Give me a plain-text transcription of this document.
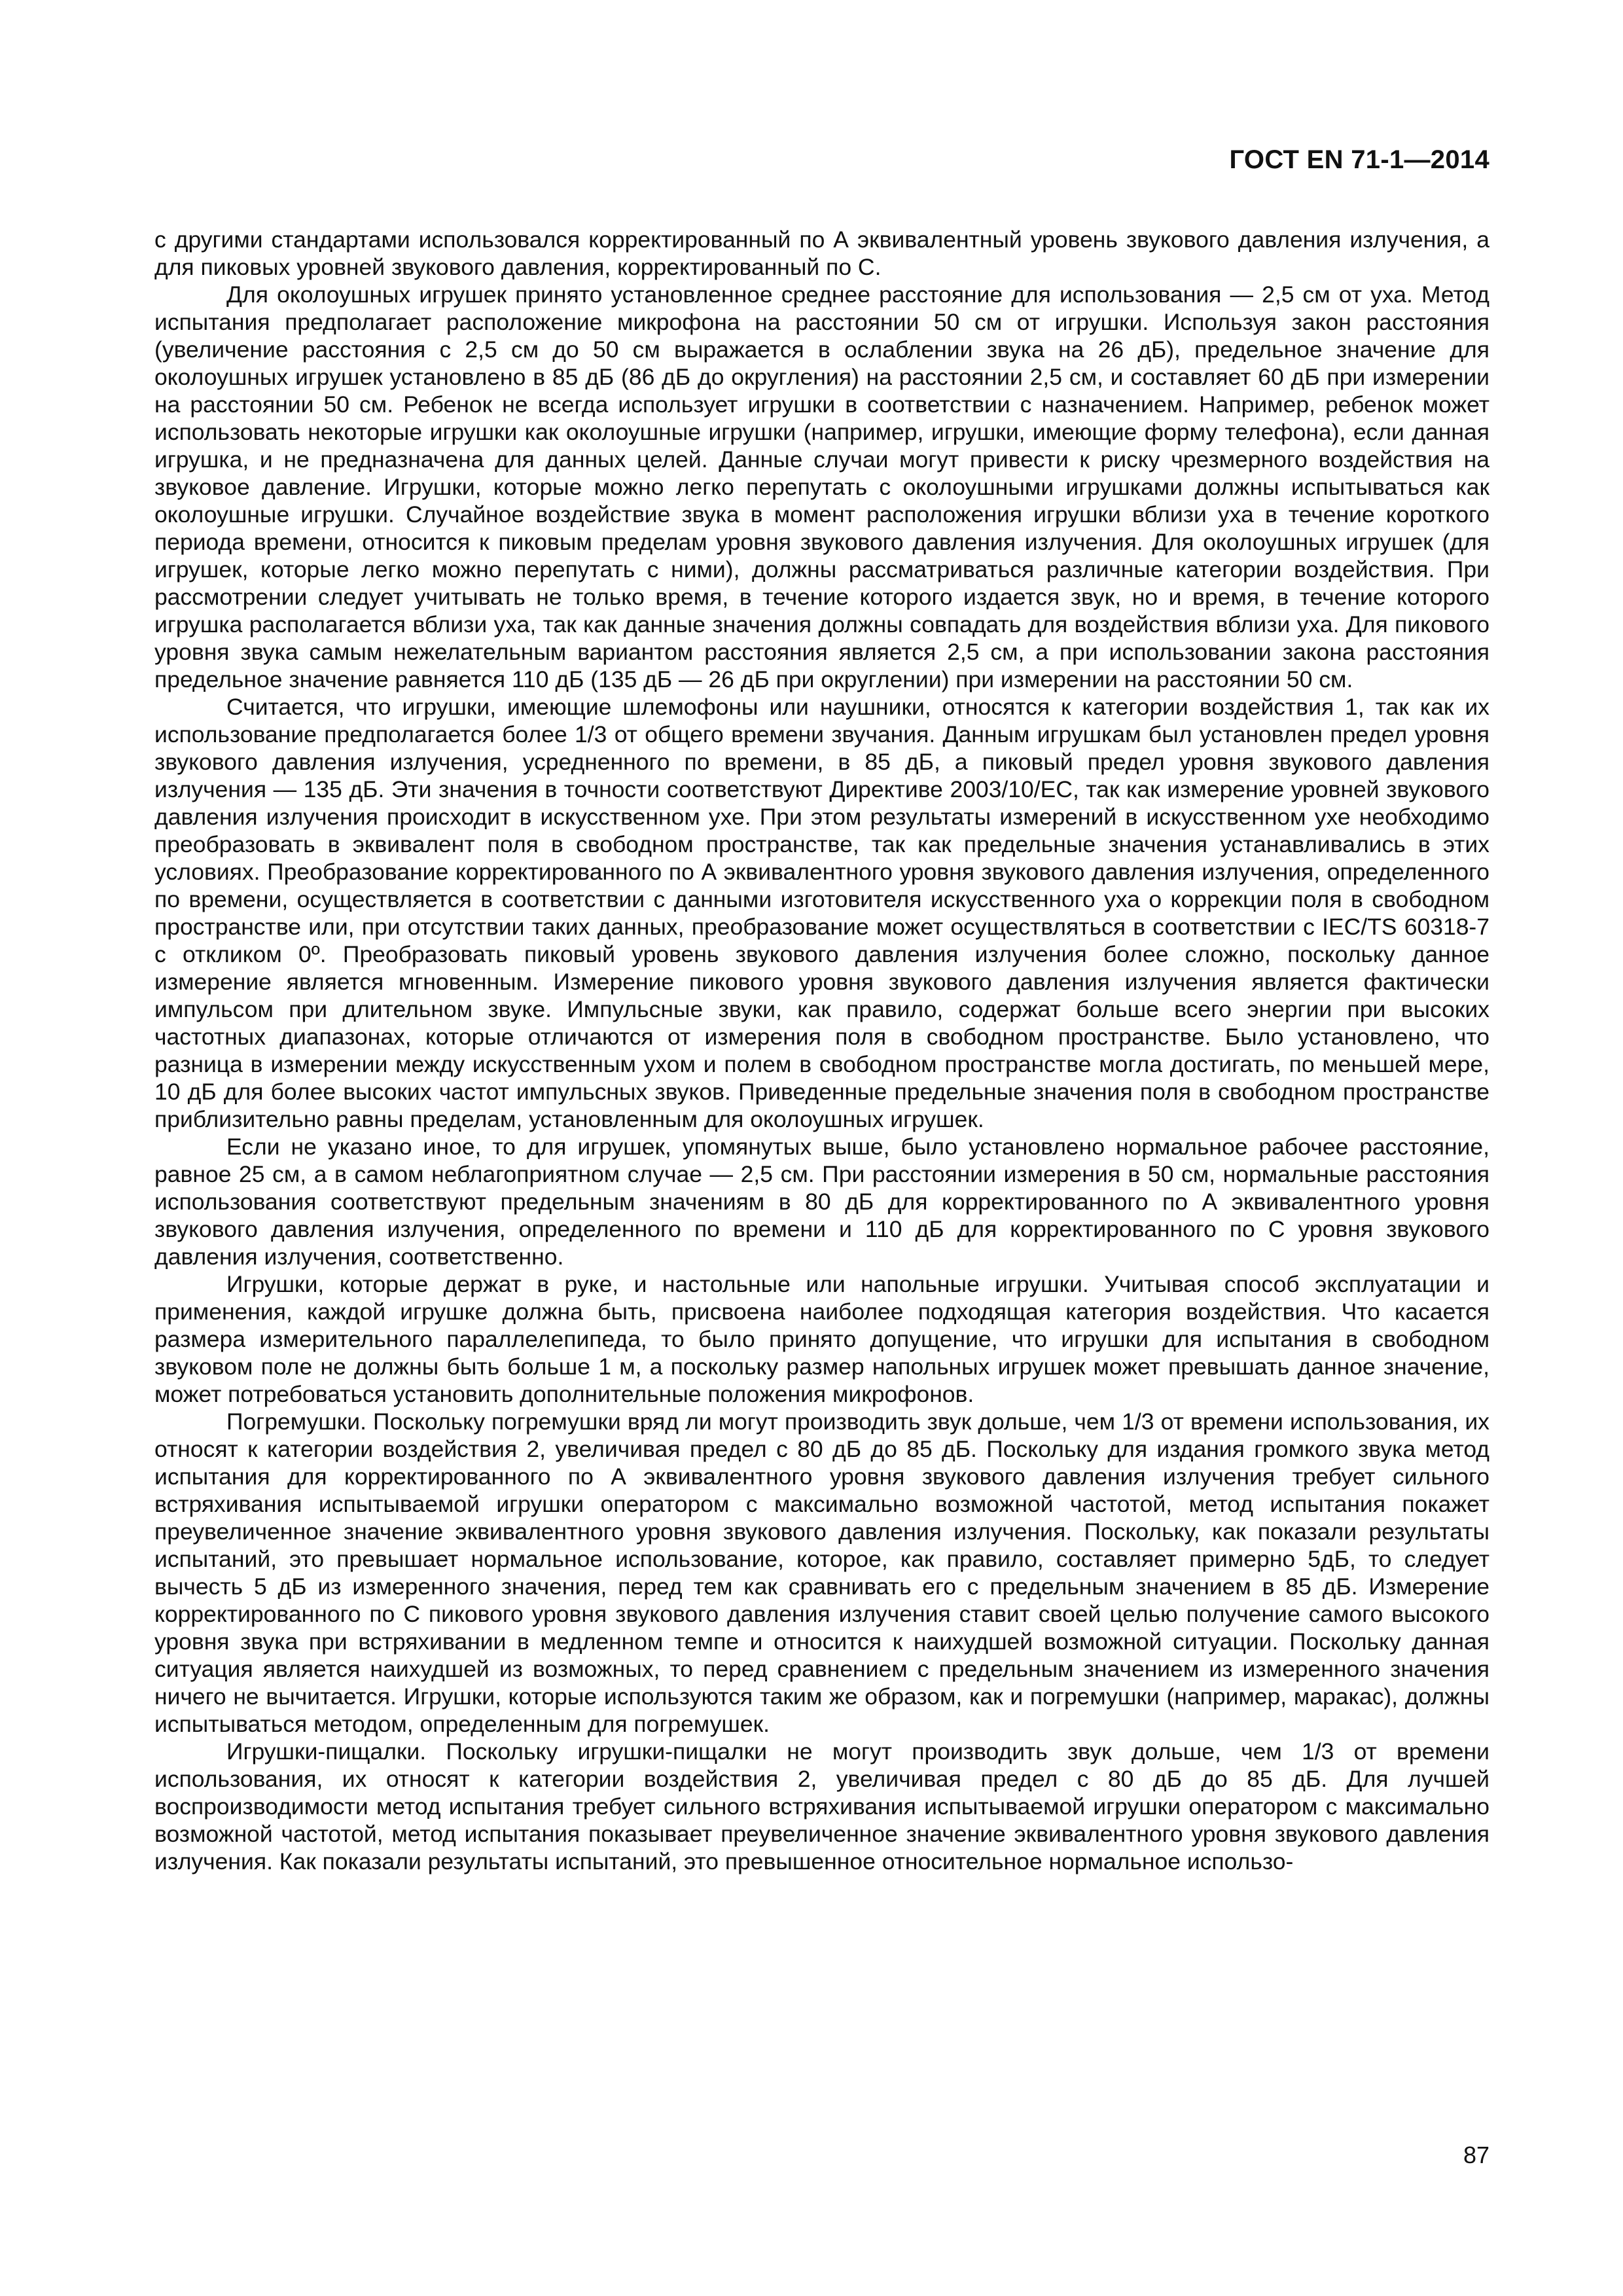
ГОСТ EN 71-1—2014

с другими стандартами использовался корректированный по А эквивалентный уровень звукового давления излучения, а для пиковых уровней звукового давления, корректированный по С.

Для околоушных игрушек принято установленное среднее расстояние для использования — 2,5 см от уха. Метод испытания предполагает расположение микрофона на расстоянии 50 см от игрушки. Используя закон расстояния (увеличение расстояния с 2,5 см до 50 см выражается в ослаблении звука на 26 дБ), предельное значение для околоушных игрушек установлено в 85 дБ (86 дБ до округления) на расстоянии 2,5 см, и составляет 60 дБ при измерении на расстоянии 50 см. Ребенок не всегда использует игрушки в соответствии с назначением. Например, ребенок может использовать некоторые игрушки как околоушные игрушки (например, игрушки, имеющие форму телефона), если данная игрушка, и не предназначена для данных целей. Данные случаи могут привести к риску чрезмерного воздействия на звуковое давление. Игрушки, которые можно легко перепутать с околоушными игрушками должны испытываться как околоушные игрушки. Случайное воздействие звука в момент расположения игрушки вблизи уха в течение короткого периода времени, относится к пиковым пределам уровня звукового давления излучения. Для околоушных игрушек (для игрушек, которые легко можно перепутать с ними), должны рассматриваться различные категории воздействия. При рассмотрении следует учитывать не только время, в течение которого издается звук, но и время, в течение которого игрушка располагается вблизи уха, так как данные значения должны совпадать для воздействия вблизи уха. Для пикового уровня звука самым нежелательным вариантом расстояния является 2,5 см, а при использовании закона расстояния предельное значение равняется 110 дБ (135 дБ — 26 дБ при округлении) при измерении на расстоянии 50 см.

Считается, что игрушки, имеющие шлемофоны или наушники, относятся к категории воздействия 1, так как их использование предполагается более 1/3 от общего времени звучания. Данным игрушкам был установлен предел уровня звукового давления излучения, усредненного по времени, в 85 дБ, а пиковый предел уровня звукового давления излучения — 135 дБ. Эти значения в точности соответствуют Директиве 2003/10/ЕС, так как измерение уровней звукового давления излучения происходит в искусственном ухе. При этом результаты измерений в искусственном ухе необходимо преобразовать в эквивалент поля в свободном пространстве, так как предельные значения устанавливались в этих условиях. Преобразование корректированного по А эквивалентного уровня звукового давления излучения, определенного по времени, осуществляется в соответствии с данными изготовителя искусственного уха о коррекции поля в свободном пространстве или, при отсутствии таких данных, преобразование может осуществляться в соответствии с IEC/TS 60318-7 с откликом 0º. Преобразовать пиковый уровень звукового давления излучения более сложно, поскольку данное измерение является мгновенным. Измерение пикового уровня звукового давления излучения является фактически импульсом при длительном звуке. Импульсные звуки, как правило, содержат больше всего энергии при высоких частотных диапазонах, которые отличаются от измерения поля в свободном пространстве. Было установлено, что разница в измерении между искусственным ухом и полем в свободном пространстве могла достигать, по меньшей мере, 10 дБ для более высоких частот импульсных звуков. Приведенные предельные значения поля в свободном пространстве приблизительно равны пределам, установленным для околоушных игрушек.

Если не указано иное, то для игрушек, упомянутых выше, было установлено нормальное рабочее расстояние, равное 25 см, а в самом неблагоприятном случае — 2,5 см. При расстоянии измерения в 50 см, нормальные расстояния использования соответствуют предельным значениям в 80 дБ для корректированного по А эквивалентного уровня звукового давления излучения, определенного по времени и 110 дБ для корректированного по С уровня звукового давления излучения, соответственно.

Игрушки, которые держат в руке, и настольные или напольные игрушки. Учитывая способ эксплуатации и применения, каждой игрушке должна быть, присвоена наиболее подходящая категория воздействия. Что касается размера измерительного параллелепипеда, то было принято допущение, что игрушки для испытания в свободном звуковом поле не должны быть больше 1 м, а поскольку размер напольных игрушек может превышать данное значение, может потребоваться установить дополнительные положения микрофонов.

Погремушки. Поскольку погремушки вряд ли могут производить звук дольше, чем 1/3 от времени использования, их относят к категории воздействия 2, увеличивая предел с 80 дБ до 85 дБ. Поскольку для издания громкого звука метод испытания для корректированного по А эквивалентного уровня звукового давления излучения требует сильного встряхивания испытываемой игрушки оператором с максимально возможной частотой, метод испытания покажет преувеличенное значение эквивалентного уровня звукового давления излучения. Поскольку, как показали результаты испытаний, это превышает нормальное использование, которое, как правило, составляет примерно 5дБ, то следует вычесть 5 дБ из измеренного значения, перед тем как сравнивать его с предельным значением в 85 дБ. Измерение корректированного по С пикового уровня звукового давления излучения ставит своей целью получение самого высокого уровня звука при встряхивании в медленном темпе и относится к наихудшей возможной ситуации. Поскольку данная ситуация является наихудшей из возможных, то перед сравнением с предельным значением из измеренного значения ничего не вычитается. Игрушки, которые используются таким же образом, как и погремушки (например, маракас), должны испытываться методом, определенным для погремушек.

Игрушки-пищалки. Поскольку игрушки-пищалки не могут производить звук дольше, чем 1/3 от времени использования, их относят к категории воздействия 2, увеличивая предел с 80 дБ до 85 дБ. Для лучшей воспроизводимости метод испытания требует сильного встряхивания испытываемой игрушки оператором с максимально возможной частотой, метод испытания показывает преувеличенное значение эквивалентного уровня звукового давления излучения. Как показали результаты испытаний, это превышенное относительное нормальное использо-

87
